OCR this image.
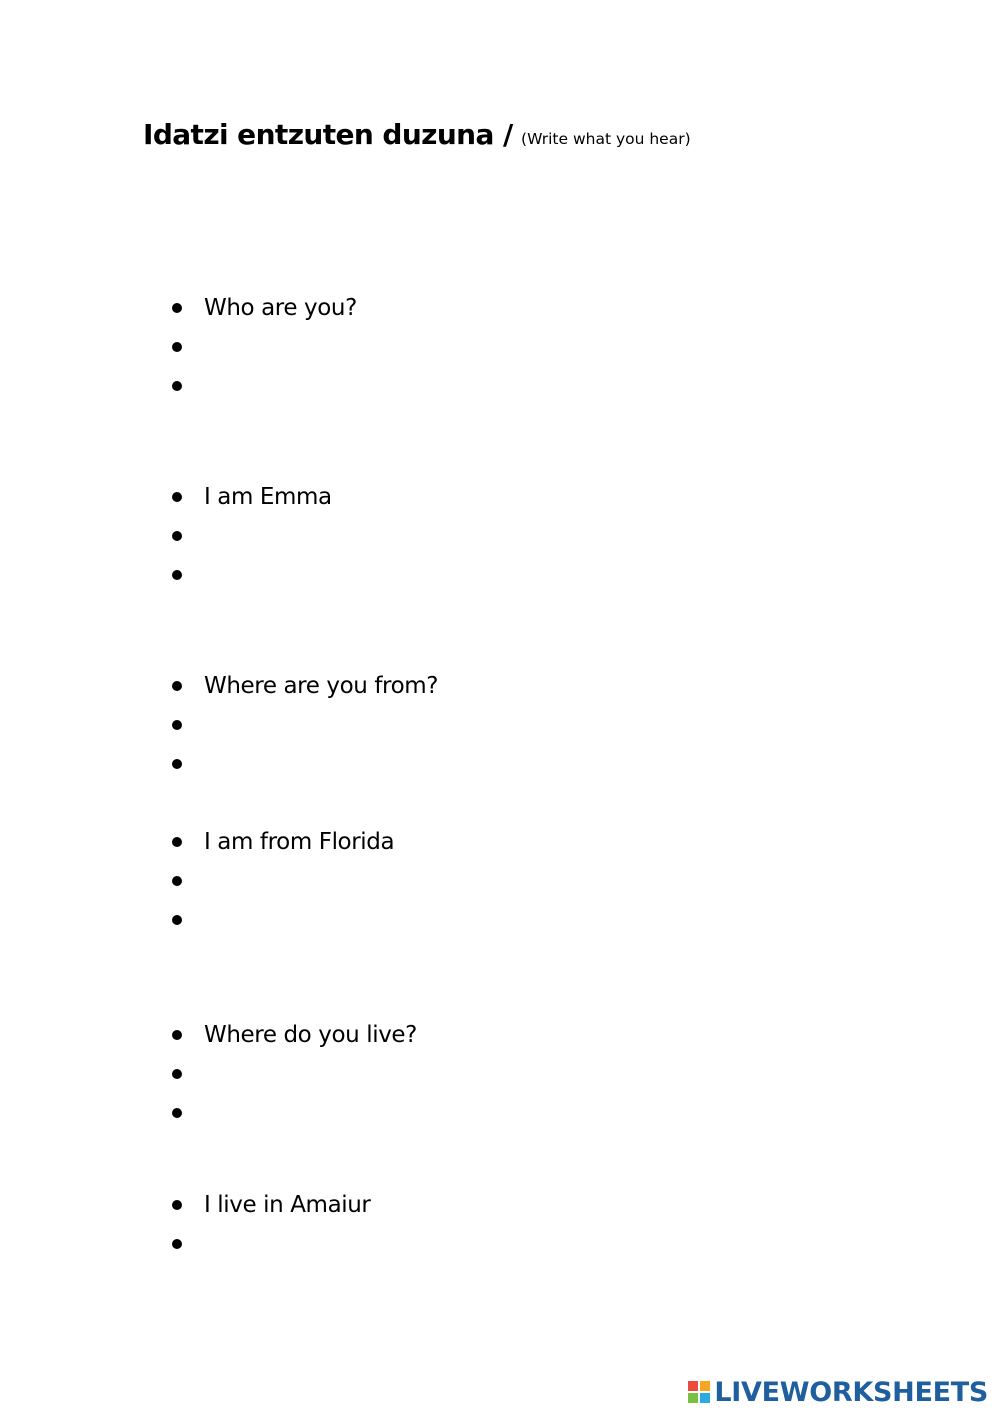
Idatzi entzuten duzuna / (Write what you hear)
Who are you?
I am Emma
Where are you from?
I am from Florida
Where do you live?
I live in Amaiur
LIVEWORKSHEETS
